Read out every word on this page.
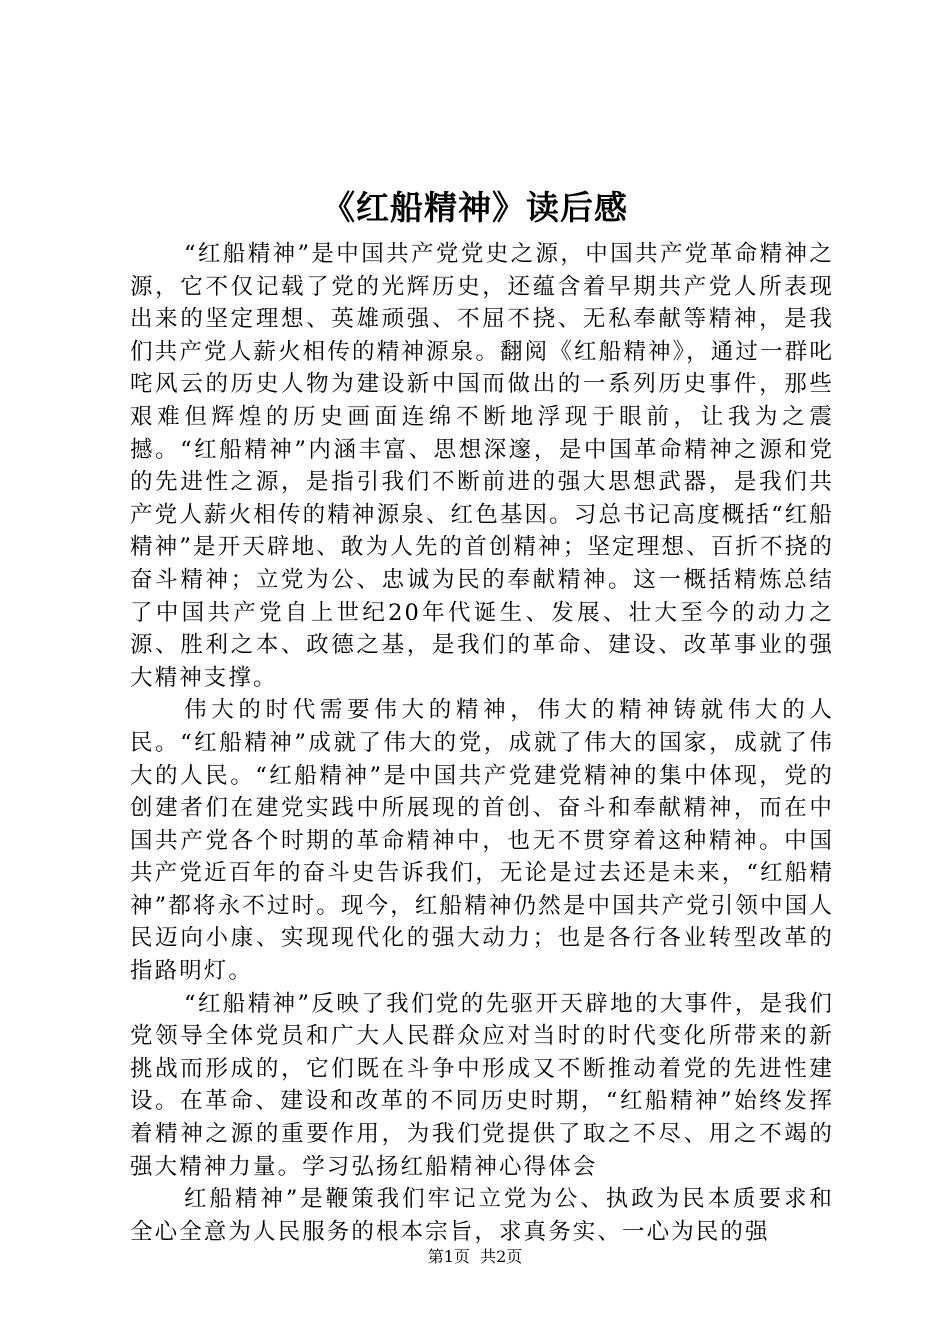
《红船精神》读后感

“红船精神”是中国共产党党史之源，中国共产党革命精神之源，它不仅记载了党的光辉历史，还蕴含着早期共产党人所表现出来的坚定理想、英雄顽强、不屈不挠、无私奉献等精神，是我们共产党人薪火相传的精神源泉。翻阅《红船精神》，通过一群叱咤风云的历史人物为建设新中国而做出的一系列历史事件，那些艰难但辉煌的历史画面连绵不断地浮现于眼前，让我为之震撼。“红船精神”内涵丰富、思想深邃，是中国革命精神之源和党的先进性之源，是指引我们不断前进的强大思想武器，是我们共产党人薪火相传的精神源泉、红色基因。习总书记高度概括“红船精神”是开天辟地、敢为人先的首创精神；坚定理想、百折不挠的奋斗精神；立党为公、忠诚为民的奉献精神。这一概括精炼总结了中国共产党自上世纪20年代诞生、发展、壮大至今的动力之源、胜利之本、政德之基，是我们的革命、建设、改革事业的强大精神支撑。

伟大的时代需要伟大的精神，伟大的精神铸就伟大的人民。“红船精神”成就了伟大的党，成就了伟大的国家，成就了伟大的人民。“红船精神”是中国共产党建党精神的集中体现，党的创建者们在建党实践中所展现的首创、奋斗和奉献精神，而在中国共产党各个时期的革命精神中，也无不贯穿着这种精神。中国共产党近百年的奋斗史告诉我们，无论是过去还是未来，“红船精神”都将永不过时。现今，红船精神仍然是中国共产党引领中国人民迈向小康、实现现代化的强大动力；也是各行各业转型改革的指路明灯。

“红船精神”反映了我们党的先驱开天辟地的大事件，是我们党领导全体党员和广大人民群众应对当时的时代变化所带来的新挑战而形成的，它们既在斗争中形成又不断推动着党的先进性建设。在革命、建设和改革的不同历史时期，“红船精神”始终发挥着精神之源的重要作用，为我们党提供了取之不尽、用之不竭的强大精神力量。学习弘扬红船精神心得体会

红船精神”是鞭策我们牢记立党为公、执政为民本质要求和全心全意为人民服务的根本宗旨，求真务实、一心为民的强

第1页  共2页
